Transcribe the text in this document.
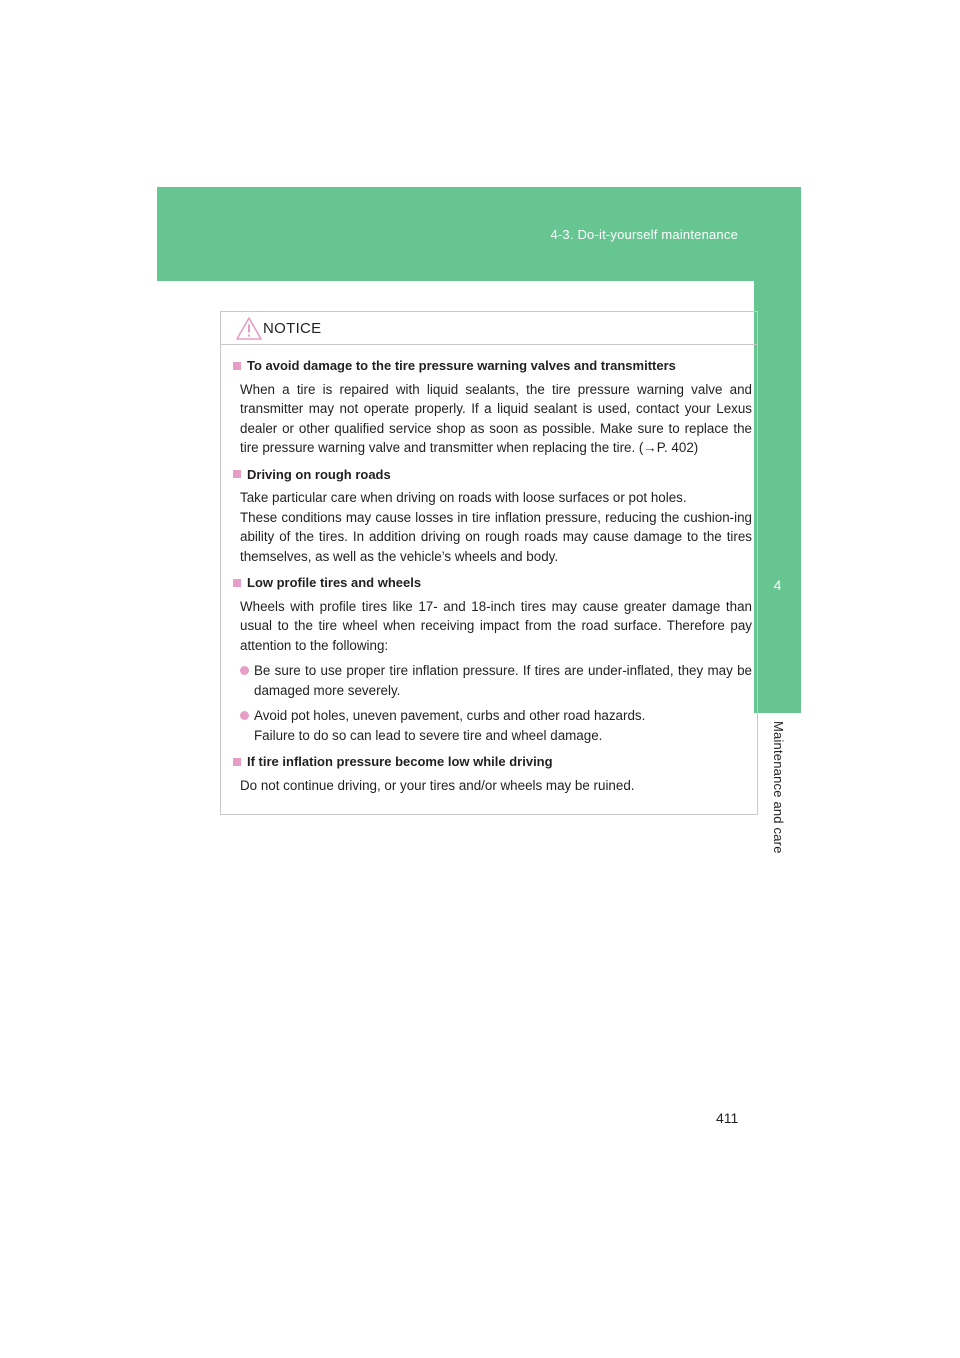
4-3. Do-it-yourself maintenance
4
Maintenance and care
NOTICE
To avoid damage to the tire pressure warning valves and transmitters

When a tire is repaired with liquid sealants, the tire pressure warning valve and transmitter may not operate properly. If a liquid sealant is used, contact your Lexus dealer or other qualified service shop as soon as possible. Make sure to replace the tire pressure warning valve and transmitter when replacing the tire. (→P. 402)

Driving on rough roads

Take particular care when driving on roads with loose surfaces or pot holes.

These conditions may cause losses in tire inflation pressure, reducing the cushion-ing ability of the tires. In addition driving on rough roads may cause damage to the tires themselves, as well as the vehicle’s wheels and body.

Low profile tires and wheels

Wheels with profile tires like 17- and 18-inch tires may cause greater damage than usual to the tire wheel when receiving impact from the road surface. Therefore pay attention to the following:

Be sure to use proper tire inflation pressure. If tires are under-inflated, they may be damaged more severely.
Avoid pot holes, uneven pavement, curbs and other road hazards.
Failure to do so can lead to severe tire and wheel damage.
If tire inflation pressure become low while driving

Do not continue driving, or your tires and/or wheels may be ruined.

411
